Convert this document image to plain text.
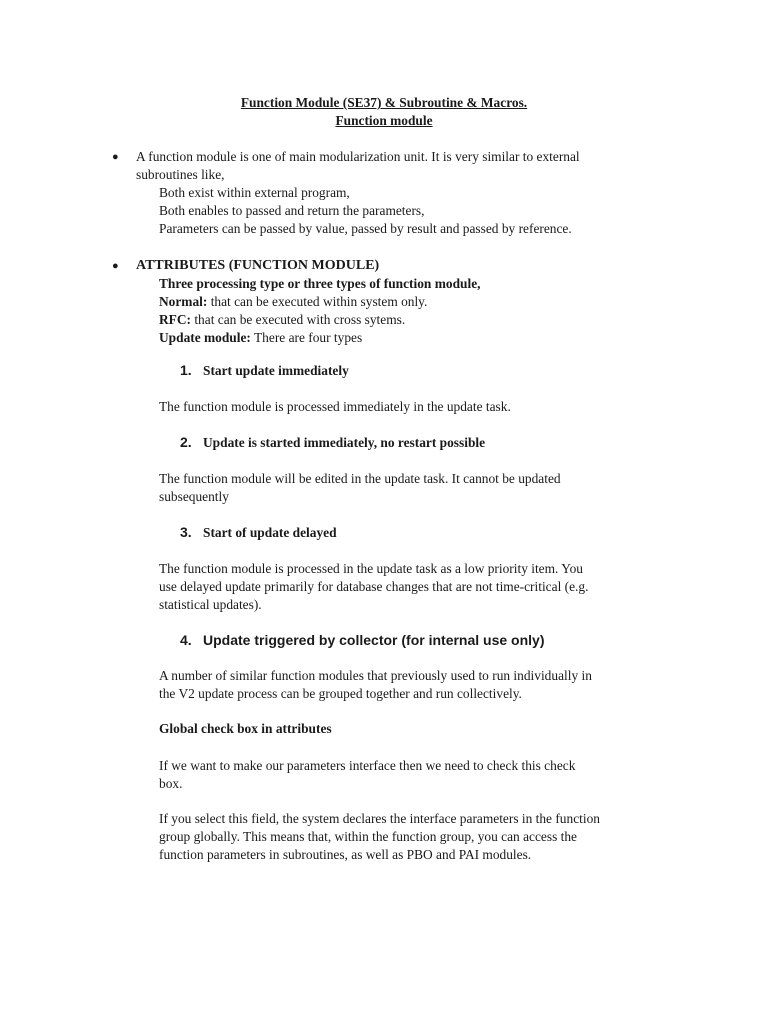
Function Module (SE37) & Subroutine & Macros.
Function module
● A function module is one of main modularization unit. It is very similar to external
subroutines like,
Both exist within external program,
Both enables to passed and return the parameters,
Parameters can be passed by value, passed by result and passed by reference.
● ATTRIBUTES (FUNCTION MODULE)
Three processing type or three types of function module,
Normal: that can be executed within system only.
RFC: that can be executed with cross sytems.
Update module: There are four types
1. Start update immediately
The function module is processed immediately in the update task.
2. Update is started immediately, no restart possible
The function module will be edited in the update task. It cannot be updated
subsequently
3. Start of update delayed
The function module is processed in the update task as a low priority item. You
use delayed update primarily for database changes that are not time-critical (e.g.
statistical updates).
4. Update triggered by collector (for internal use only)
A number of similar function modules that previously used to run individually in
the V2 update process can be grouped together and run collectively.
Global check box in attributes
If we want to make our parameters interface then we need to check this check
box.
If you select this field, the system declares the interface parameters in the function
group globally. This means that, within the function group, you can access the
function parameters in subroutines, as well as PBO and PAI modules.
